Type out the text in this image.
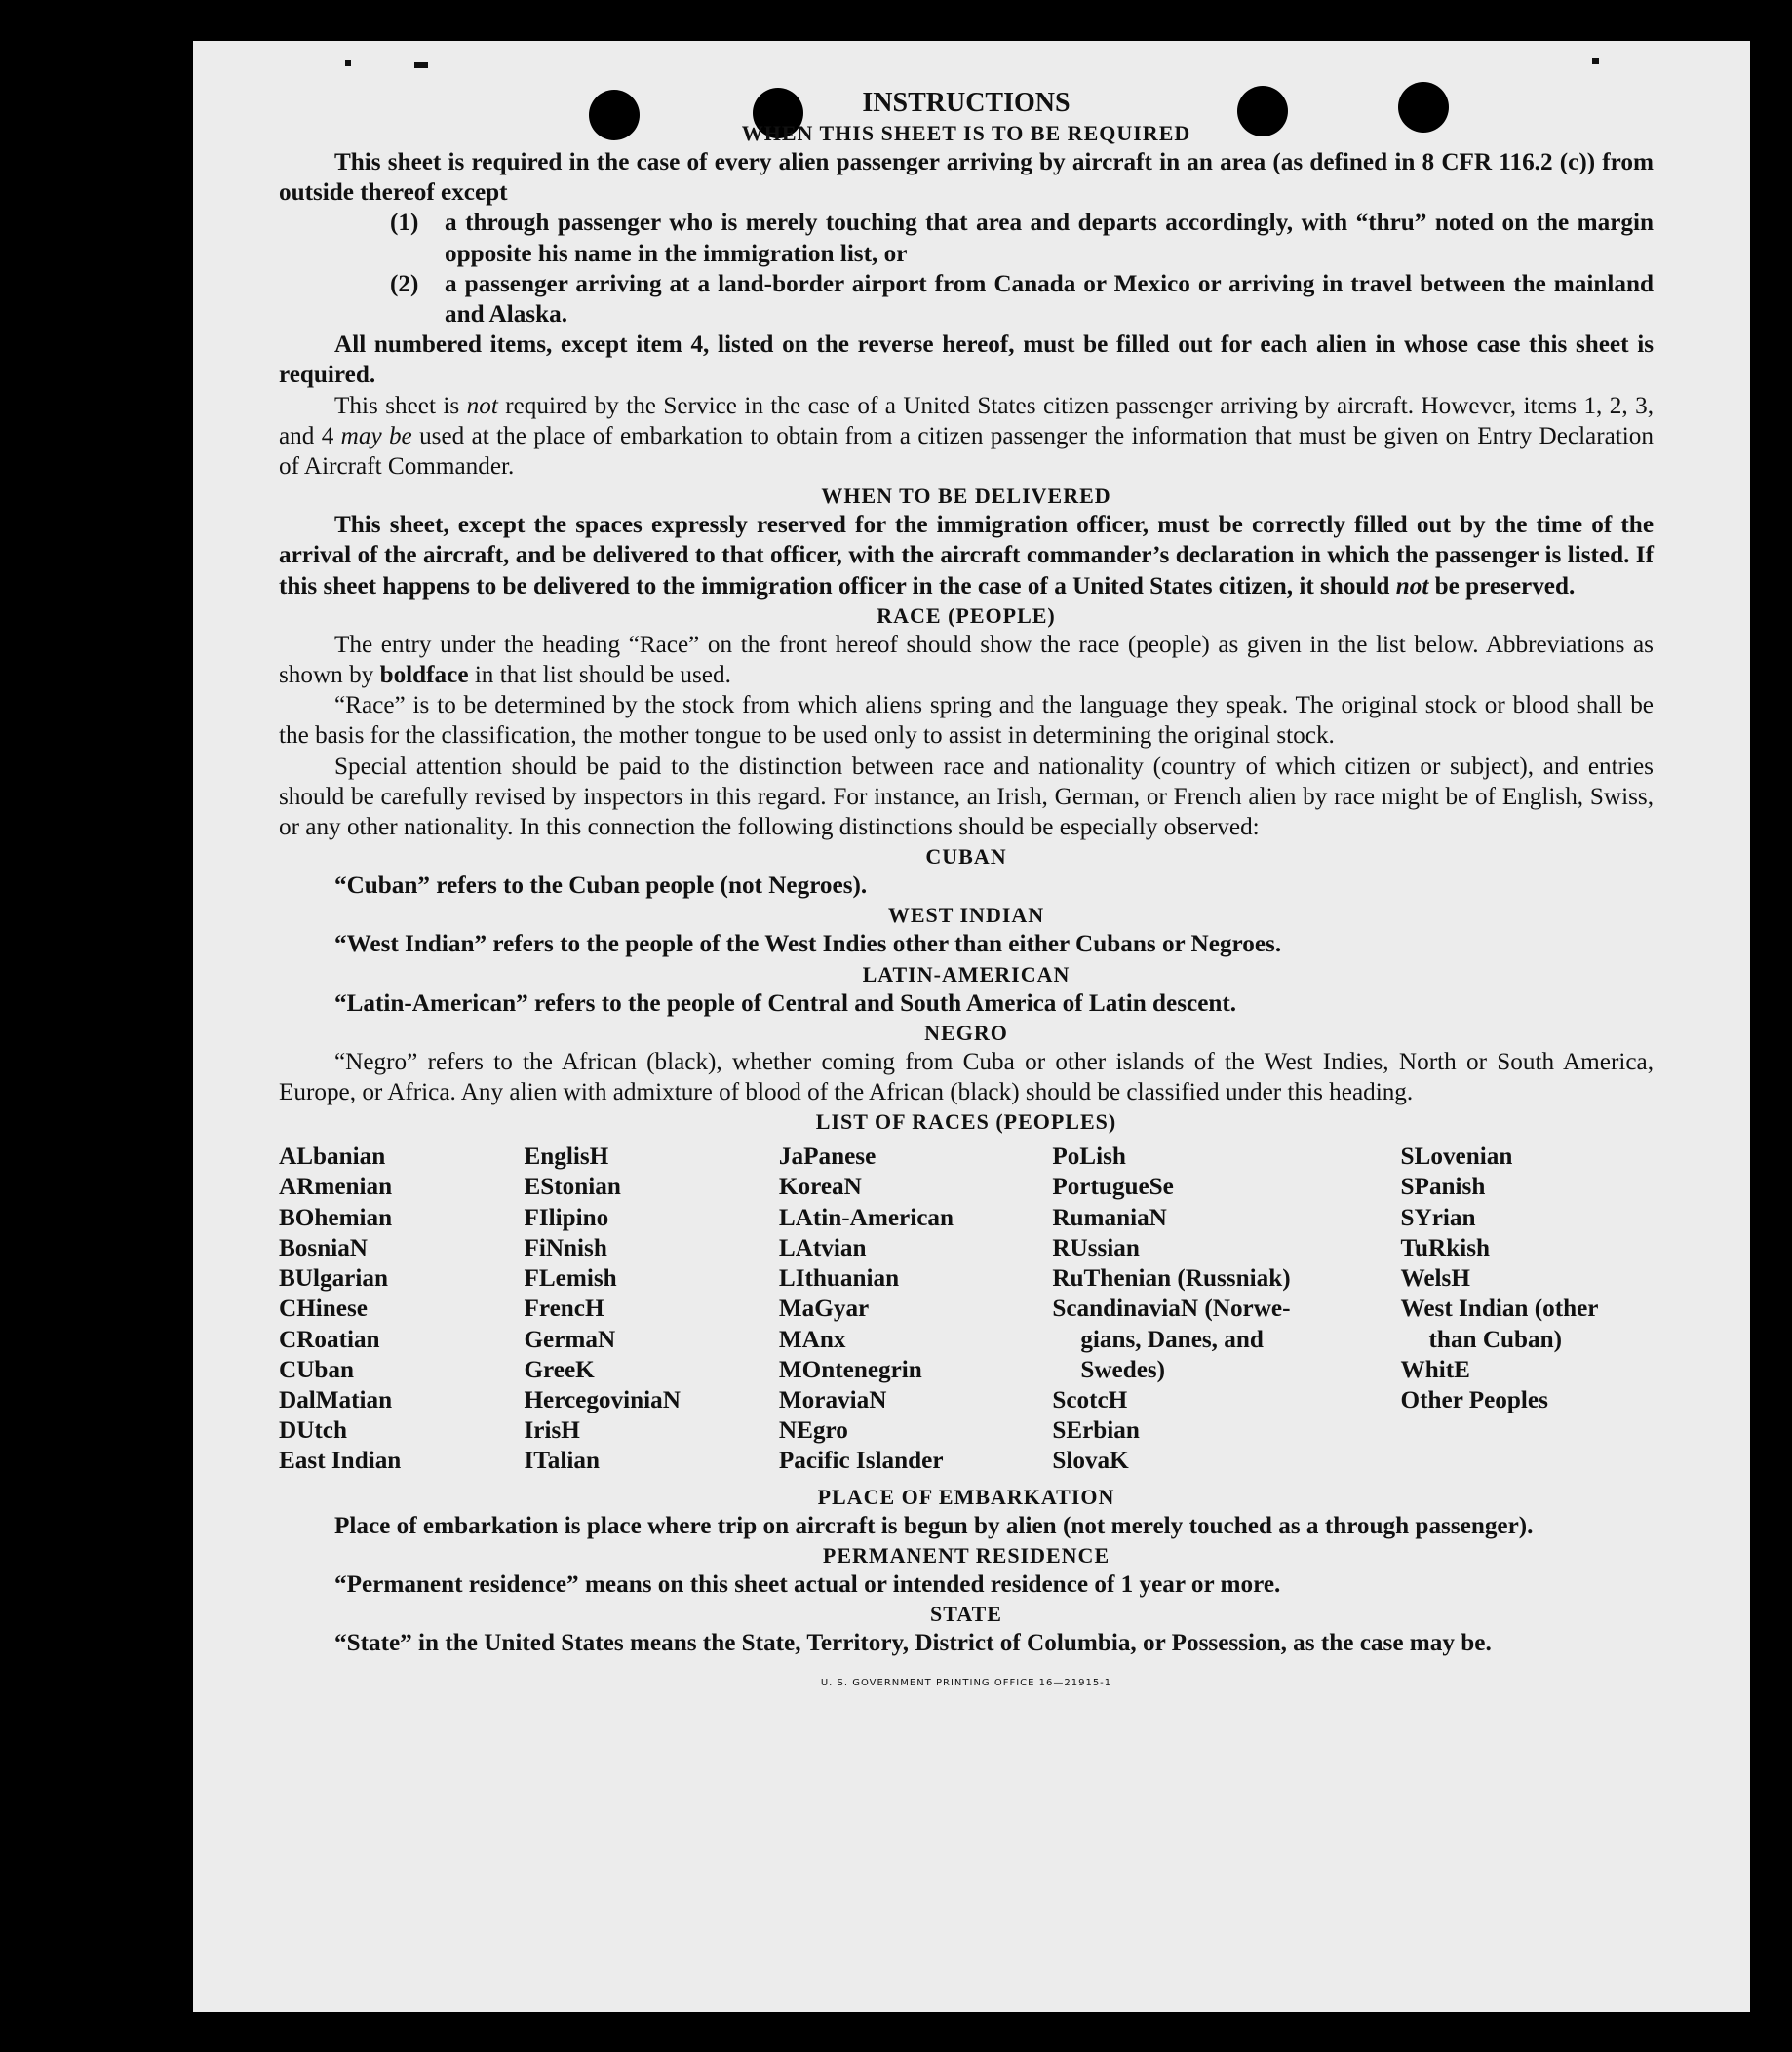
INSTRUCTIONS
WHEN THIS SHEET IS TO BE REQUIRED

This sheet is required in the case of every alien passenger arriving by aircraft in an area (as defined in 8 CFR 116.2 (c)) from outside thereof except

(1) a through passenger who is merely touching that area and departs accordingly, with “thru” noted on the margin opposite his name in the immigration list, or
(2) a passenger arriving at a land-border airport from Canada or Mexico or arriving in travel between the mainland and Alaska.

All numbered items, except item 4, listed on the reverse hereof, must be filled out for each alien in whose case this sheet is required.

This sheet is not required by the Service in the case of a United States citizen passenger arriving by aircraft. However, items 1, 2, 3, and 4 may be used at the place of embarkation to obtain from a citizen passenger the information that must be given on Entry Declaration of Aircraft Commander.

WHEN TO BE DELIVERED

This sheet, except the spaces expressly reserved for the immigration officer, must be correctly filled out by the time of the arrival of the aircraft, and be delivered to that officer, with the aircraft commander’s declaration in which the passenger is listed. If this sheet happens to be delivered to the immigration officer in the case of a United States citizen, it should not be preserved.

RACE (PEOPLE)

The entry under the heading “Race” on the front hereof should show the race (people) as given in the list below. Abbreviations as shown by boldface in that list should be used.

“Race” is to be determined by the stock from which aliens spring and the language they speak. The original stock or blood shall be the basis for the classification, the mother tongue to be used only to assist in determining the original stock.

Special attention should be paid to the distinction between race and nationality (country of which citizen or subject), and entries should be carefully revised by inspectors in this regard. For instance, an Irish, German, or French alien by race might be of English, Swiss, or any other nationality. In this connection the following distinctions should be especially observed:

CUBAN

“Cuban” refers to the Cuban people (not Negroes).

WEST INDIAN

“West Indian” refers to the people of the West Indies other than either Cubans or Negroes.

LATIN-AMERICAN

“Latin-American” refers to the people of Central and South America of Latin descent.

NEGRO

“Negro” refers to the African (black), whether coming from Cuba or other islands of the West Indies, North or South America, Europe, or Africa. Any alien with admixture of blood of the African (black) should be classified under this heading.

LIST OF RACES (PEOPLES)
ALbanian
ARmenian
BOhemian
BosniaN
BUlgarian
CHinese
CRoatian
CUban
DalMatian
DUtch
East Indian
EnglisH
EStonian
FIlipino
FiNnish
FLemish
FrencH
GermaN
GreeK
HercegoviniaN
IrisH
ITalian
JaPanese
KoreaN
LAtin-American
LAtvian
LIthuanian
MaGyar
MAnx
MOntenegrin
MoraviaN
NEgro
Pacific Islander
PoLish
PortugueSe
RumaniaN
RUssian
RuThenian (Russniak)
ScandinaviaN (Norwe-
gians, Danes, and
Swedes)
ScotcH
SErbian
SlovaK
SLovenian
SPanish
SYrian
TuRkish
WelsH
West Indian (other
than Cuban)
WhitE
Other Peoples
PLACE OF EMBARKATION

Place of embarkation is place where trip on aircraft is begun by alien (not merely touched as a through passenger).

PERMANENT RESIDENCE

“Permanent residence” means on this sheet actual or intended residence of 1 year or more.

STATE

“State” in the United States means the State, Territory, District of Columbia, or Possession, as the case may be.

U. S. GOVERNMENT PRINTING OFFICE 16—21915-1
